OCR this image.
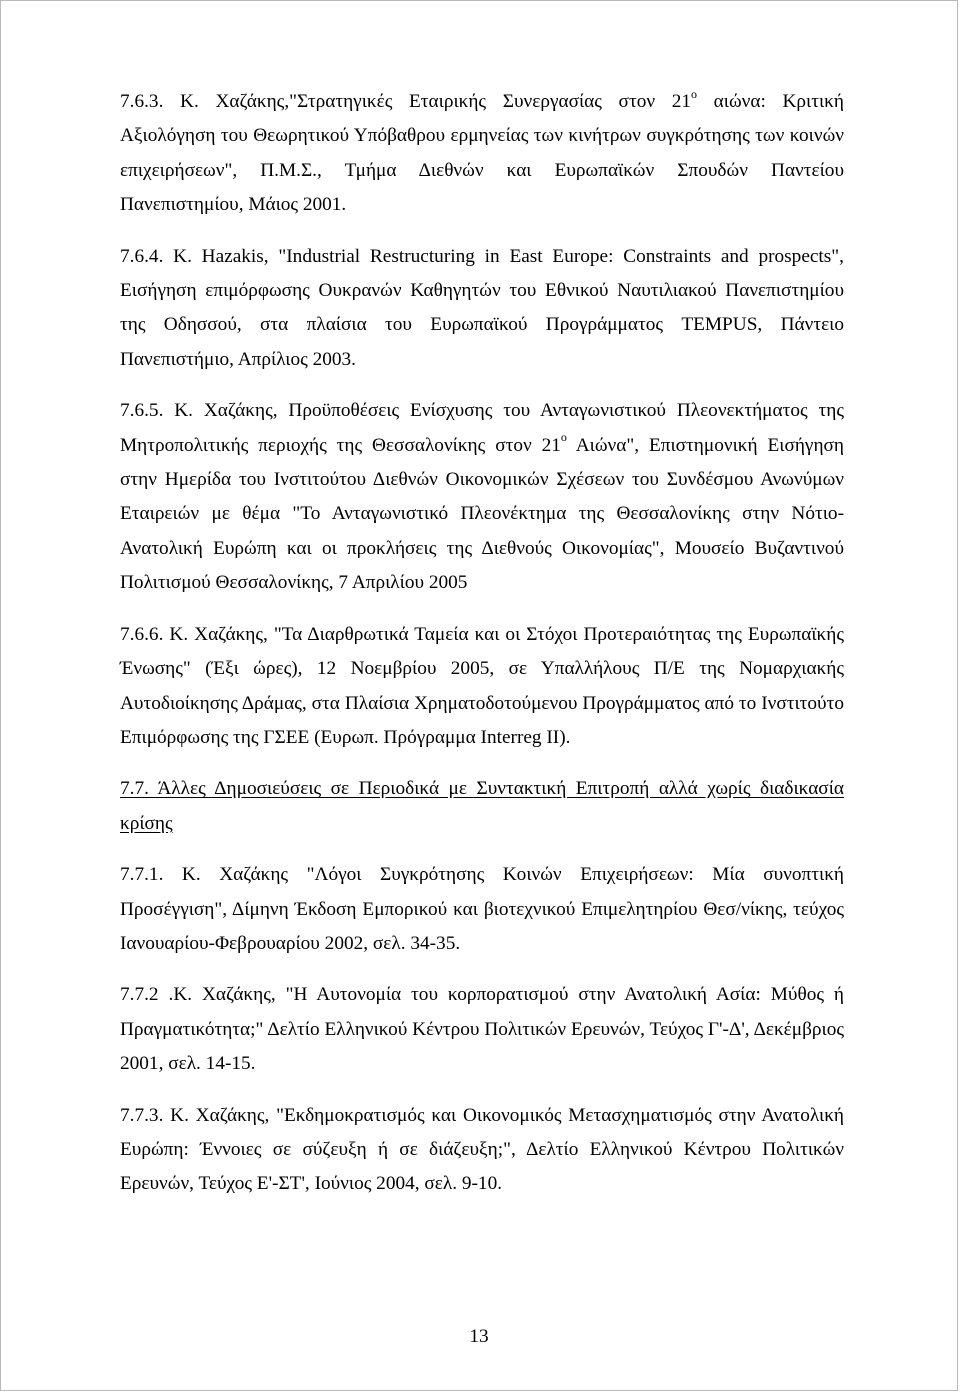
7.6.3. Κ. Χαζάκης,"Στρατηγικές Εταιρικής Συνεργασίας στον $21^o$ αιώνα: Κριτική Αξιολόγηση του Θεωρητικού Υπόβαθρου ερμηνείας των κινήτρων συγκρότησης των κοινών επιχειρήσεων", Π.Μ.Σ., Τμήμα Διεθνών και Ευρωπαϊκών Σπουδών Παντείου Πανεπιστημίου, Μάιος 2001.

7.6.4. Κ. Hazakis, "Industrial Restructuring in East Europe: Constraints and prospects", Εισήγηση επιμόρφωσης Ουκρανών Καθηγητών του Εθνικού Ναυτιλιακού Πανεπιστημίου της Οδησσού, στα πλαίσια του Ευρωπαϊκού Προγράμματος TEMPUS, Πάντειο Πανεπιστήμιο, Απρίλιος 2003.

7.6.5. Κ. Χαζάκης, Προϋποθέσεις Ενίσχυσης του Ανταγωνιστικού Πλεονεκτήματος της Μητροπολιτικής περιοχής της Θεσσαλονίκης στον $21^o$ Αιώνα", Επιστημονική Εισήγηση στην Ημερίδα του Ινστιτούτου Διεθνών Οικονομικών Σχέσεων του Συνδέσμου Ανωνύμων Εταιρειών με θέμα "Το Ανταγωνιστικό Πλεονέκτημα της Θεσσαλονίκης στην Νότιο-Ανατολική Ευρώπη και οι προκλήσεις της Διεθνούς Οικονομίας", Μουσείο Βυζαντινού Πολιτισμού Θεσσαλονίκης, 7 Απριλίου 2005

7.6.6. Κ. Χαζάκης, "Τα Διαρθρωτικά Ταμεία και οι Στόχοι Προτεραιότητας της Ευρωπαϊκής Ένωσης" (Έξι ώρες), 12 Νοεμβρίου 2005, σε Υπαλλήλους Π/Ε της Νομαρχιακής Αυτοδιοίκησης Δράμας, στα Πλαίσια Χρηματοδοτούμενου Προγράμματος από το Ινστιτούτο Επιμόρφωσης της ΓΣΕΕ (Ευρωπ. Πρόγραμμα Interreg II).

7.7. Άλλες Δημοσιεύσεις σε Περιοδικά με Συντακτική Επιτροπή αλλά χωρίς διαδικασία κρίσης

7.7.1. Κ. Χαζάκης "Λόγοι Συγκρότησης Κοινών Επιχειρήσεων: Μία συνοπτική Προσέγγιση", Δίμηνη Έκδοση Εμπορικού και βιοτεχνικού Επιμελητηρίου Θεσ/νίκης, τεύχος Ιανουαρίου-Φεβρουαρίου 2002, σελ. 34-35.

7.7.2 .Κ. Χαζάκης, "Η Αυτονομία του κορπορατισμού στην Ανατολική Ασία: Μύθος ή Πραγματικότητα;" Δελτίο Ελληνικού Κέντρου Πολιτικών Ερευνών, Τεύχος Γ'-Δ', Δεκέμβριος 2001, σελ. 14-15.

7.7.3. Κ. Χαζάκης, "Εκδημοκρατισμός και Οικονομικός Μετασχηματισμός στην Ανατολική Ευρώπη: Έννοιες σε σύζευξη ή σε διάζευξη;", Δελτίο Ελληνικού Κέντρου Πολιτικών Ερευνών, Τεύχος Ε'-ΣΤ', Ιούνιος 2004, σελ. 9-10.

13
